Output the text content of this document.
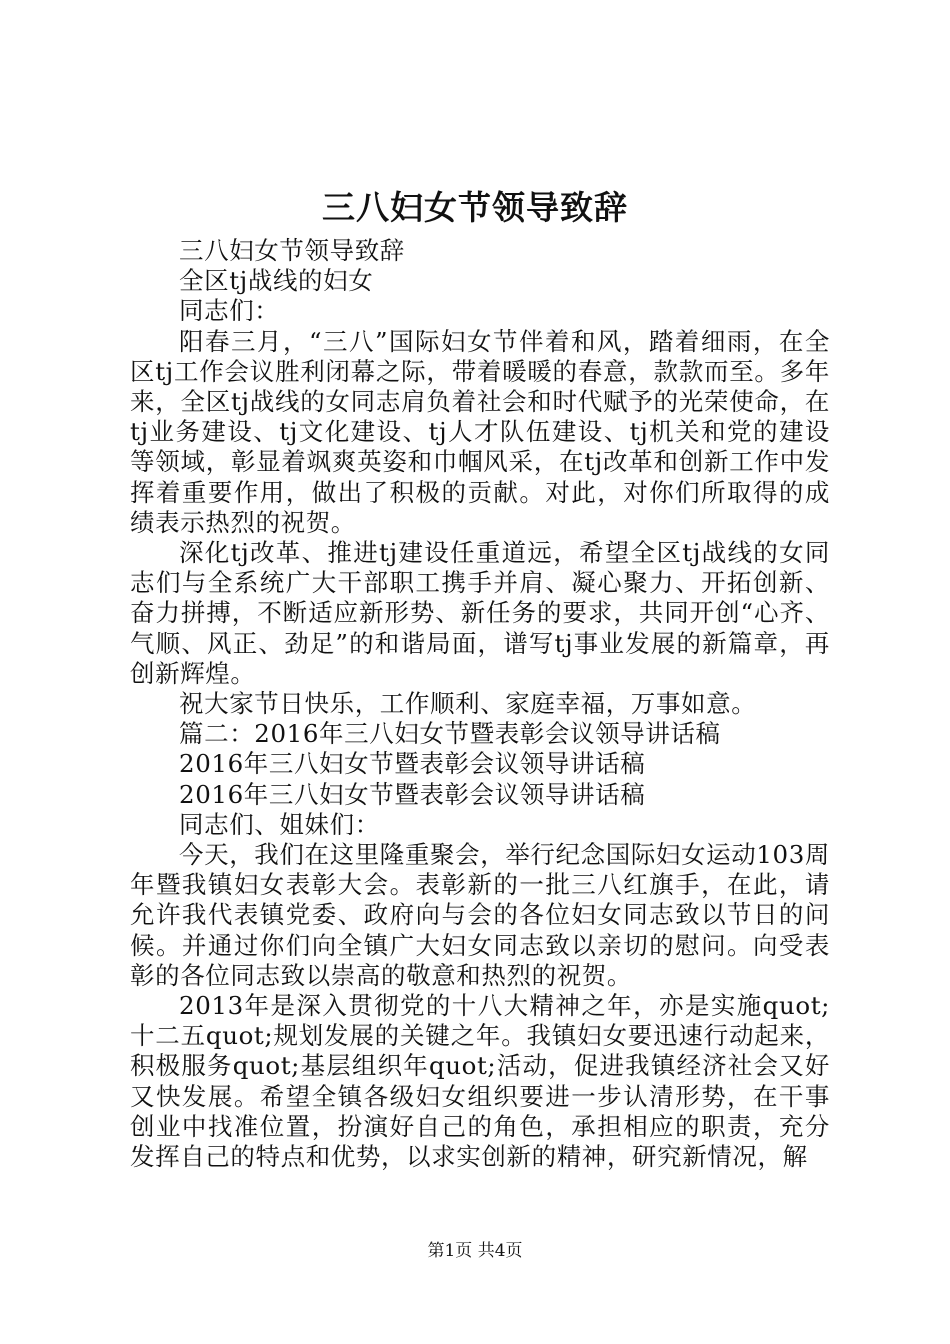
三八妇女节领导致辞

三八妇女节领导致辞

全区tj战线的妇女

同志们：

阳春三月，“三八”国际妇女节伴着和风，踏着细雨，在全区tj工作会议胜利闭幕之际，带着暖暖的春意，款款而至。多年来，全区tj战线的女同志肩负着社会和时代赋予的光荣使命，在tj业务建设、tj文化建设、tj人才队伍建设、tj机关和党的建设等领域，彰显着飒爽英姿和巾帼风采，在tj改革和创新工作中发挥着重要作用，做出了积极的贡献。对此，对你们所取得的成绩表示热烈的祝贺。

深化tj改革、推进tj建设任重道远，希望全区tj战线的女同志们与全系统广大干部职工携手并肩、凝心聚力、开拓创新、奋力拼搏，不断适应新形势、新任务的要求，共同开创“心齐、气顺、风正、劲足”的和谐局面，谱写tj事业发展的新篇章，再创新辉煌。

祝大家节日快乐，工作顺利、家庭幸福，万事如意。

篇二：2016年三八妇女节暨表彰会议领导讲话稿

2016年三八妇女节暨表彰会议领导讲话稿

2016年三八妇女节暨表彰会议领导讲话稿

同志们、姐妹们：

今天，我们在这里隆重聚会，举行纪念国际妇女运动103周年暨我镇妇女表彰大会。表彰新的一批三八红旗手，在此，请允许我代表镇党委、政府向与会的各位妇女同志致以节日的问候。并通过你们向全镇广大妇女同志致以亲切的慰问。向受表彰的各位同志致以崇高的敬意和热烈的祝贺。

2013年是深入贯彻党的十八大精神之年，亦是实施quot;十二五quot;规划发展的关键之年。我镇妇女要迅速行动起来，积极服务quot;基层组织年quot;活动，促进我镇经济社会又好又快发展。希望全镇各级妇女组织要进一步认清形势，在干事创业中找准位置，扮演好自己的角色，承担相应的职责，充分发挥自己的特点和优势，以求实创新的精神，研究新情况，解

第1页 共4页
